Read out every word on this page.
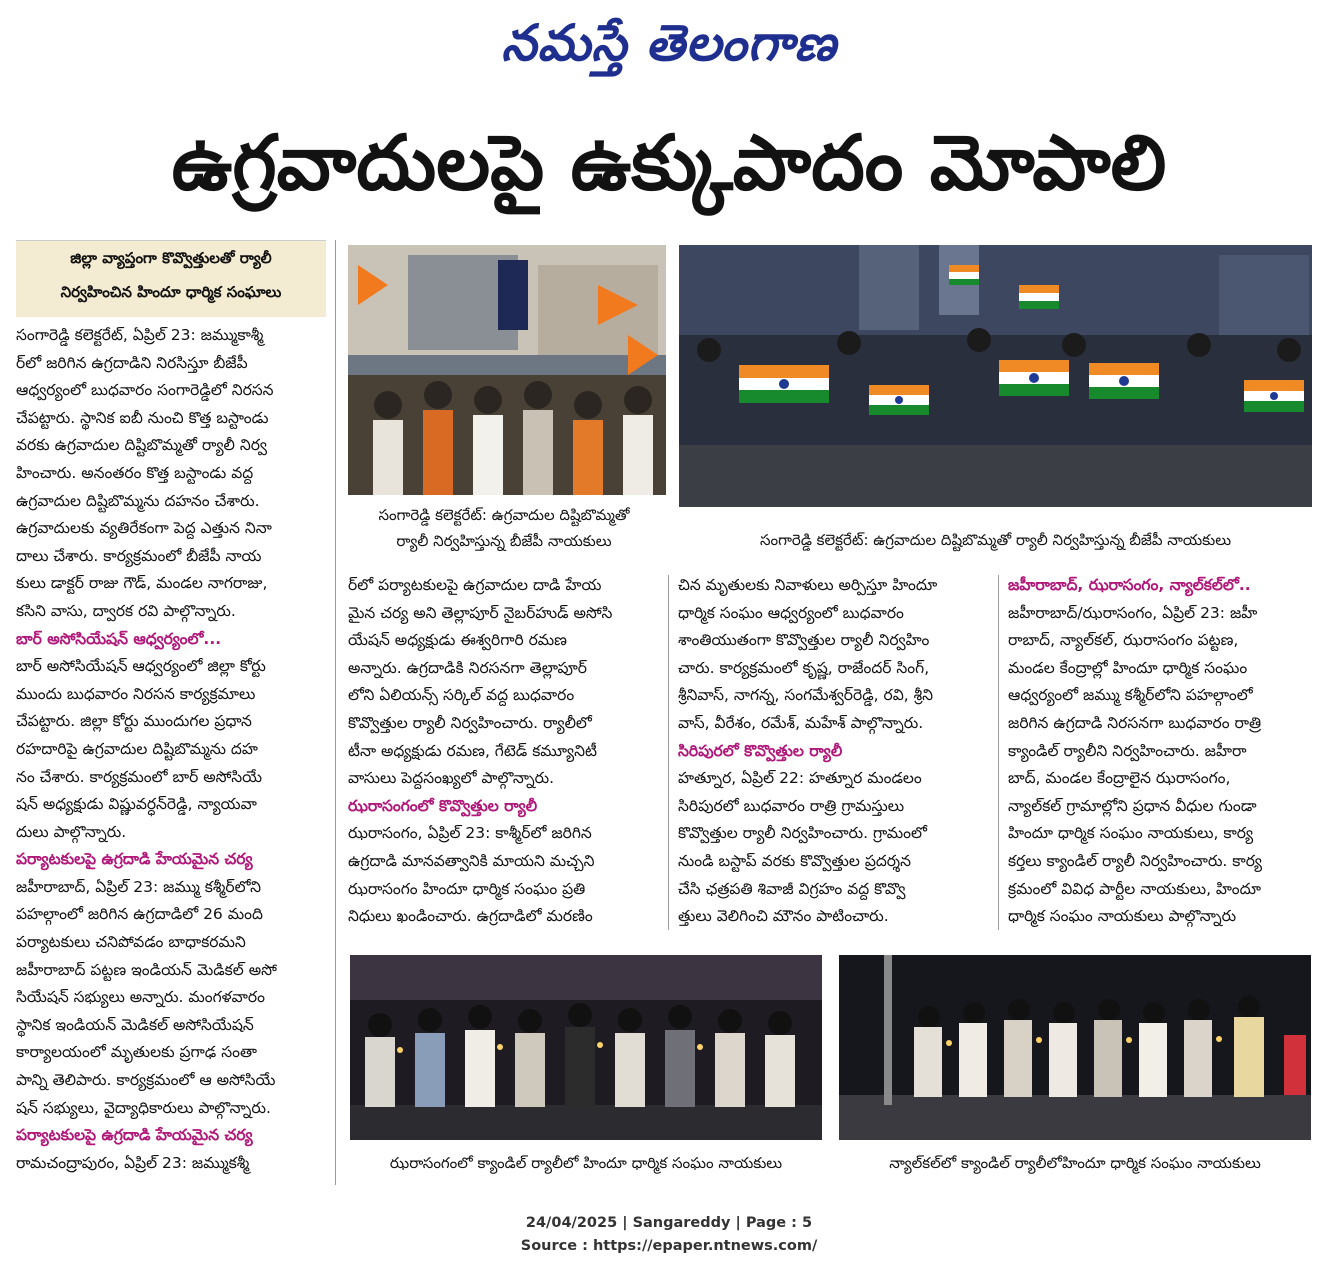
నమస్తే తెలంగాణ
ఉగ్రవాదులపై ఉక్కుపాదం మోపాలి
జిల్లా వ్యాప్తంగా కొవ్వొత్తులతో ర్యాలీ
నిర్వహించిన హిందూ ధార్మిక సంఘాలు

సంగారెడ్డి కలెక్టరేట్, ఏప్రిల్ 23: జమ్ముకాశ్మీ

ర్‌లో జరిగిన ఉగ్రదాడిని నిరసిస్తూ బీజేపీ

ఆధ్వర్యంలో బుధవారం సంగారెడ్డిలో నిరసన

చేపట్టారు. స్థానిక ఐబీ నుంచి కొత్త బస్టాండు

వరకు ఉగ్రవాదుల దిష్టిబొమ్మతో ర్యాలీ నిర్వ

హించారు. అనంతరం కొత్త బస్టాండు వద్ద

ఉగ్రవాదుల దిష్టిబొమ్మను దహనం చేశారు.

ఉగ్రవాదులకు వ్యతిరేకంగా పెద్ద ఎత్తున నినా

దాలు చేశారు. కార్యక్రమంలో బీజేపీ నాయ

కులు డాక్టర్ రాజు గౌడ్, మండల నాగరాజు,

కసిని వాసు, ద్వారక రవి పాల్గొన్నారు.

బార్ అసోసియేషన్ ఆధ్వర్యంలో...

బార్ అసోసియేషన్ ఆధ్వర్యంలో జిల్లా కోర్టు

ముందు బుధవారం నిరసన కార్యక్రమాలు

చేపట్టారు. జిల్లా కోర్టు ముందుగల ప్రధాన

రహదారిపై ఉగ్రవాదుల దిష్టిబొమ్మను దహ

నం చేశారు. కార్యక్రమంలో బార్ అసోసియే

షన్ అధ్యక్షుడు విష్ణువర్ధన్‌రెడ్డి, న్యాయవా

దులు పాల్గొన్నారు.

పర్యాటకులపై ఉగ్రదాడి హేయమైన చర్య

జహీరాబాద్, ఏప్రిల్ 23: జమ్ము కశ్మీర్‌లోని

పహల్గాంలో జరిగిన ఉగ్రదాడిలో 26 మంది

పర్యాటకులు చనిపోవడం బాధాకరమని

జహీరాబాద్ పట్టణ ఇండియన్ మెడికల్ అసో

సియేషన్ సభ్యులు అన్నారు. మంగళవారం

స్థానిక ఇండియన్ మెడికల్ అసోసియేషన్

కార్యాలయంలో మృతులకు ప్రగాఢ సంతా

పాన్ని తెలిపారు. కార్యక్రమంలో ఆ అసోసియే

షన్ సభ్యులు, వైద్యాధికారులు పాల్గొన్నారు.

పర్యాటకులపై ఉగ్రదాడి హేయమైన చర్య

రామచంద్రాపురం, ఏప్రిల్ 23: జమ్ముకశ్మీ

సంగారెడ్డి కలెక్టరేట్: ఉగ్రవాదుల దిష్టిబొమ్మతో
ర్యాలీ నిర్వహిస్తున్న బీజేపీ నాయకులు	సంగారెడ్డి కలెక్టరేట్: ఉగ్రవాదుల దిష్టిబొమ్మతో ర్యాలీ నిర్వహిస్తున్న బీజేపీ నాయకులు

ర్‌లో పర్యాటకులపై ఉగ్రవాదుల దాడి హేయ

మైన చర్య అని తెల్లాపూర్ నైబర్‌హుడ్ అసోసి

యేషన్ అధ్యక్షుడు ఈశ్వరిగారి రమణ

అన్నారు. ఉగ్రదాడికి నిరసనగా తెల్లాపూర్

లోని ఏలియన్స్ సర్కిల్ వద్ద బుధవారం

కొవ్వొత్తుల ర్యాలీ నిర్వహించారు. ర్యాలీలో

టీనా అధ్యక్షుడు రమణ, గేటెడ్ కమ్యూనిటీ

వాసులు పెద్దసంఖ్యలో పాల్గొన్నారు.

ఝరాసంగంలో కొవ్వొత్తుల ర్యాలీ

ఝరాసంగం, ఏప్రిల్ 23: కాశ్మీర్‌లో జరిగిన

ఉగ్రదాడి మానవత్వానికి మాయని మచ్చని

ఝరాసంగం హిందూ ధార్మిక సంఘం ప్రతి

నిధులు ఖండించారు. ఉగ్రదాడిలో మరణిం

చిన మృతులకు నివాళులు అర్పిస్తూ హిందూ

ధార్మిక సంఘం ఆధ్వర్యంలో బుధవారం

శాంతియుతంగా కొవ్వొత్తుల ర్యాలీ నిర్వహిం

చారు. కార్యక్రమంలో కృష్ణ, రాజేందర్ సింగ్,

శ్రీనివాస్, నాగన్న, సంగమేశ్వర్‌రెడ్డి, రవి, శ్రీని

వాస్, వీరేశం, రమేశ్, మహేశ్ పాల్గొన్నారు.

సిరిపురలో కొవ్వొత్తుల ర్యాలీ

హత్నూర, ఏప్రిల్ 22: హత్నూర మండలం

సిరిపురలో బుధవారం రాత్రి గ్రామస్తులు

కొవ్వొత్తుల ర్యాలీ నిర్వహించారు. గ్రామంలో

నుండి బస్టాప్ వరకు కొవ్వొత్తుల ప్రదర్శన

చేసి ఛత్రపతి శివాజీ విగ్రహం వద్ద కొవ్వొ

త్తులు వెలిగించి మౌనం పాటించారు.

జహీరాబాద్, ఝరాసంగం, న్యాల్‌కల్‌లో..

జహీరాబాద్/ఝరాసంగం, ఏప్రిల్ 23: జహీ

రాబాద్, న్యాల్‌కల్, ఝరాసంగం పట్టణ,

మండల కేంద్రాల్లో హిందూ ధార్మిక సంఘం

ఆధ్వర్యంలో జమ్ము కశ్మీర్‌లోని పహల్గాంలో

జరిగిన ఉగ్రదాడి నిరసనగా బుధవారం రాత్రి

క్యాండిల్ ర్యాలీని నిర్వహించారు. జహీరా

బాద్, మండల కేంద్రాలైన ఝరాసంగం,

న్యాల్‌కల్ గ్రామాల్లోని ప్రధాన వీధుల గుండా

హిందూ ధార్మిక సంఘం నాయకులు, కార్య

కర్తలు క్యాండిల్ ర్యాలీ నిర్వహించారు. కార్య

క్రమంలో వివిధ పార్టీల నాయకులు, హిందూ

ధార్మిక సంఘం నాయకులు పాల్గొన్నారు

ఝరాసంగంలో క్యాండిల్ ర్యాలీలో హిందూ ధార్మిక సంఘం నాయకులు	న్యాల్‌కల్‌లో క్యాండిల్ ర్యాలీలోహిందూ ధార్మిక సంఘం నాయకులు
24/04/2025 | Sangareddy | Page : 5
Source : https://epaper.ntnews.com/
